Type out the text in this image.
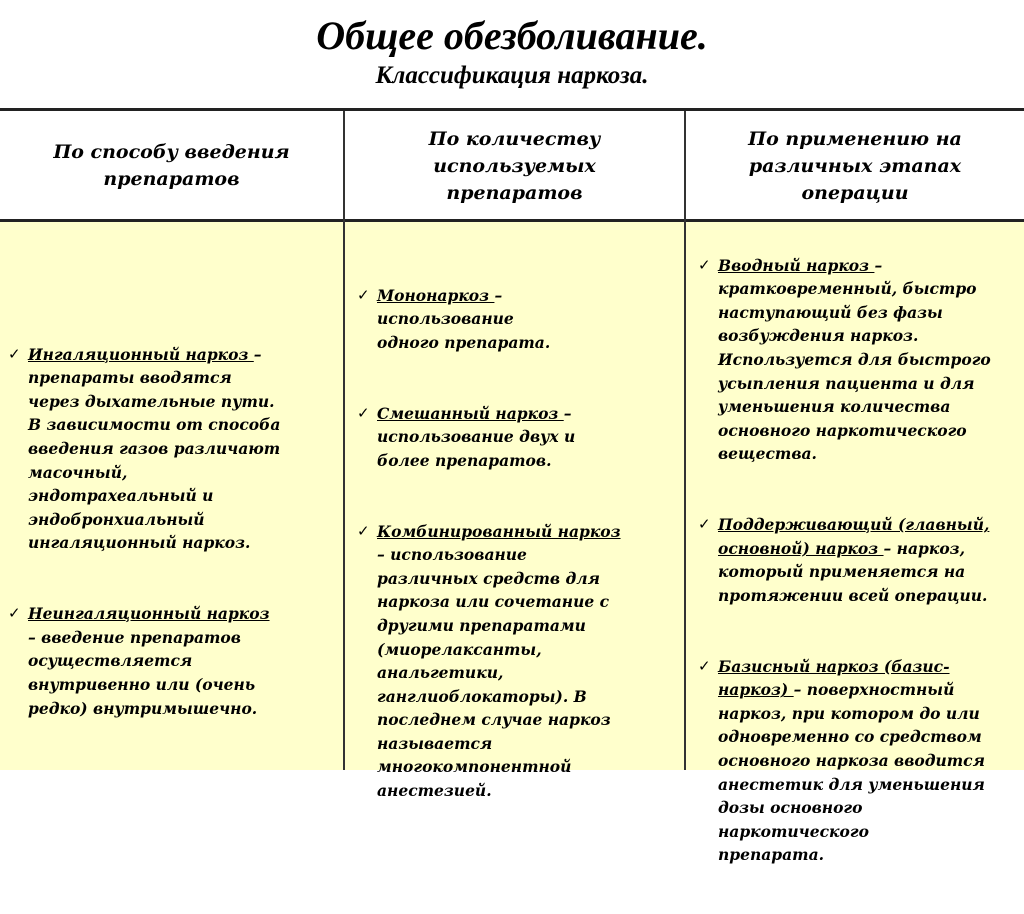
Общее обезболивание.
Классификация наркоза.
По способу введения
препаратов
По количеству
используемых
препаратов
По применению на
различных этапах
операции

✓ Ингаляционный наркоз –
препараты вводятся
через дыхательные пути.
В зависимости от способа
введения газов различают
масочный,
эндотрахеальный и
эндобронхиальный
ингаляционный наркоз.

✓ Неингаляционный наркоз
– введение препаратов
осуществляется
внутривенно или (очень
редко) внутримышечно.

✓ Мононаркоз –
использование
одного препарата.

✓ Смешанный наркоз –
использование двух и
более препаратов.

✓ Комбинированный наркоз
– использование
различных средств для
наркоза или сочетание с
другими препаратами
(миорелаксанты,
анальгетики,
ганглиоблокаторы). В
последнем случае наркоз
называется
многокомпонентной
анестезией.

✓ Вводный наркоз –
кратковременный, быстро
наступающий без фазы
возбуждения наркоз.
Используется для быстрого
усыпления пациента и для
уменьшения количества
основного наркотического
вещества.

✓ Поддерживающий (главный,
основной) наркоз – наркоз,
который применяется на
протяжении всей операции.

✓ Базисный наркоз (базис-
наркоз) – поверхностный
наркоз, при котором до или
одновременно со средством
основного наркоза вводится
анестетик для уменьшения
дозы основного
наркотического
препарата.
